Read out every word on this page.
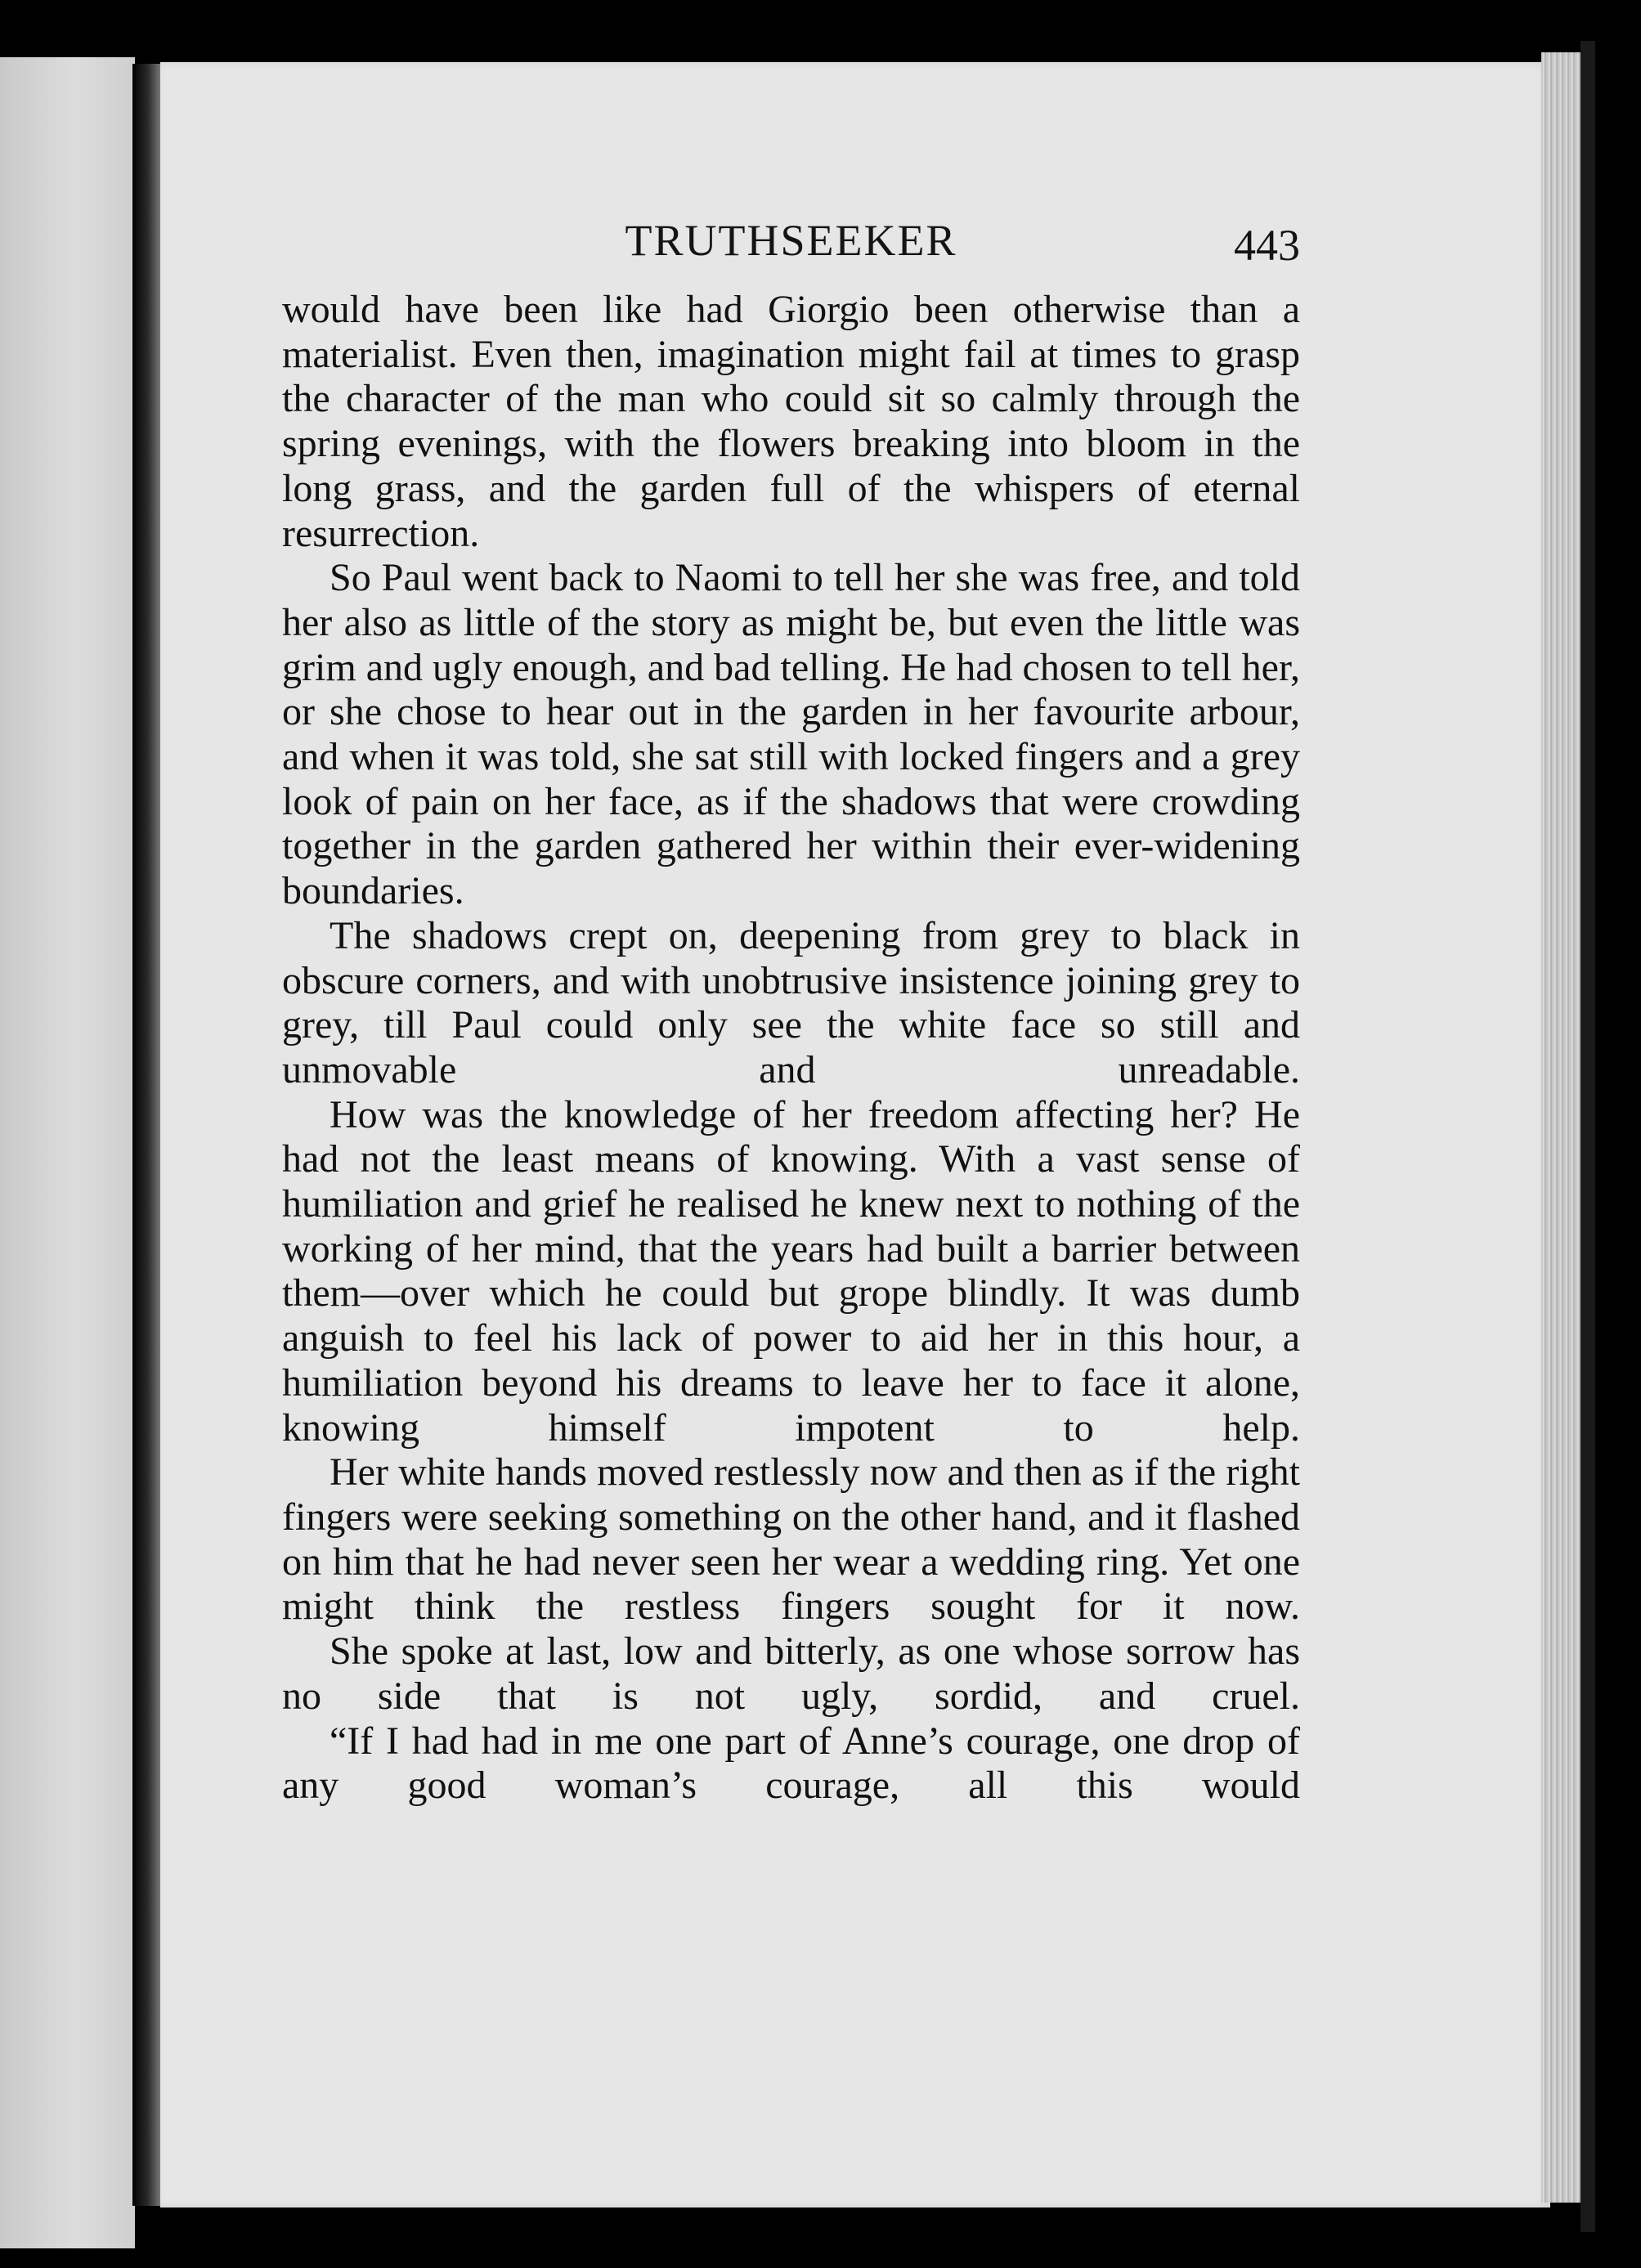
TRUTHSEEKER	443

would have been like had Giorgio been otherwise than a materialist. Even then, imagination might fail at times to grasp the character of the man who could sit so calmly through the spring evenings, with the flowers breaking into bloom in the long grass, and the garden full of the whispers of eternal resurrection.

So Paul went back to Naomi to tell her she was free, and told her also as little of the story as might be, but even the little was grim and ugly enough, and bad telling. He had chosen to tell her, or she chose to hear out in the garden in her favourite arbour, and when it was told, she sat still with locked fingers and a grey look of pain on her face, as if the shadows that were crowding together in the garden gathered her within their ever-widening boundaries.

The shadows crept on, deepening from grey to black in obscure corners, and with unobtrusive insistence joining grey to grey, till Paul could only see the white face so still and unmovable and unreadable.

How was the knowledge of her freedom affecting her? He had not the least means of knowing. With a vast sense of humiliation and grief he realised he knew next to nothing of the working of her mind, that the years had built a barrier between them—over which he could but grope blindly. It was dumb anguish to feel his lack of power to aid her in this hour, a humiliation beyond his dreams to leave her to face it alone, knowing himself impotent to help.

Her white hands moved restlessly now and then as if the right fingers were seeking something on the other hand, and it flashed on him that he had never seen her wear a wedding ring. Yet one might think the restless fingers sought for it now.

She spoke at last, low and bitterly, as one whose sorrow has no side that is not ugly, sordid, and cruel.

“If I had had in me one part of Anne’s courage, one drop of any good woman’s courage, all this would
